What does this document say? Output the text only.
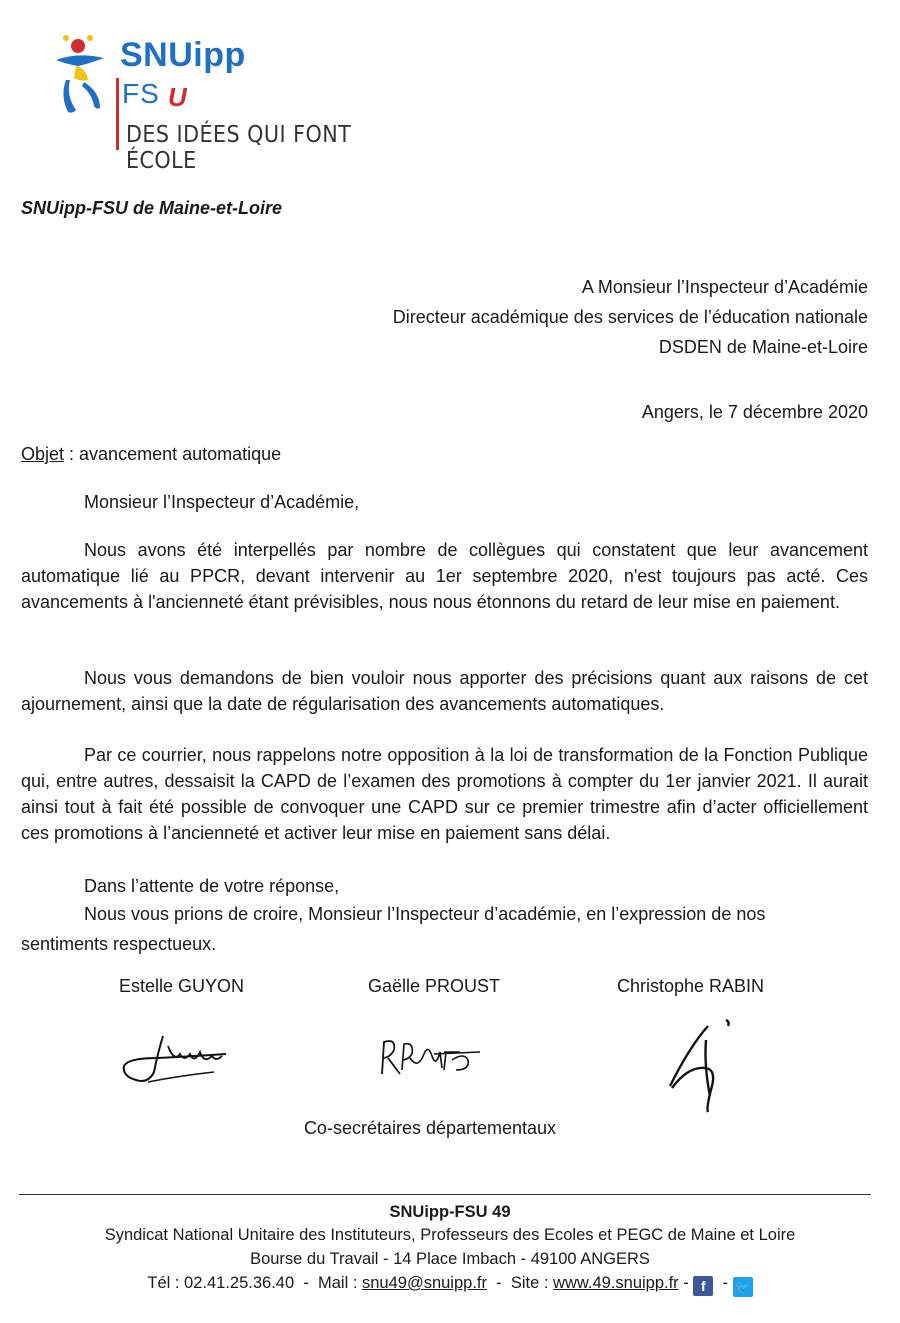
SNUipp
FS U
DES IDÉES QUI FONT ÉCOLE
SNUipp-FSU de Maine-et-Loire
A Monsieur l’Inspecteur d’Académie
Directeur académique des services de l’éducation nationale
DSDEN de Maine-et-Loire
Angers, le 7 décembre 2020
Objet : avancement automatique
Monsieur l’Inspecteur d’Académie,
Nous avons été interpellés par nombre de collègues qui constatent que leur avancement automatique lié au PPCR, devant intervenir au 1er septembre 2020, n'est toujours pas acté. Ces avancements à l'ancienneté étant prévisibles, nous nous étonnons du retard de leur mise en paiement.
Nous vous demandons de bien vouloir nous apporter des précisions quant aux raisons de cet ajournement, ainsi que la date de régularisation des avancements automatiques.
Par ce courrier, nous rappelons notre opposition à la loi de transformation de la Fonction Publique qui, entre autres, dessaisit la CAPD de l’examen des promotions à compter du 1er janvier 2021. Il aurait ainsi tout à fait été possible de convoquer une CAPD sur ce premier trimestre afin d’acter officiellement ces promotions à l’ancienneté et activer leur mise en paiement sans délai.
Dans l’attente de votre réponse,
Nous vous prions de croire, Monsieur l’Inspecteur d’académie, en l’expression de nos
sentiments respectueux.
Estelle GUYON	Gaëlle PROUST	Christophe RABIN
Co-secrétaires départementaux
SNUipp-FSU 49
Syndicat National Unitaire des Instituteurs, Professeurs des Ecoles et PEGC de Maine et Loire
Bourse du Travail - 14 Place Imbach - 49100 ANGERS
Tél : 02.41.25.36.40  -  Mail : snu49@snuipp.fr  -  Site : www.49.snuipp.fr - f  - 🐦
